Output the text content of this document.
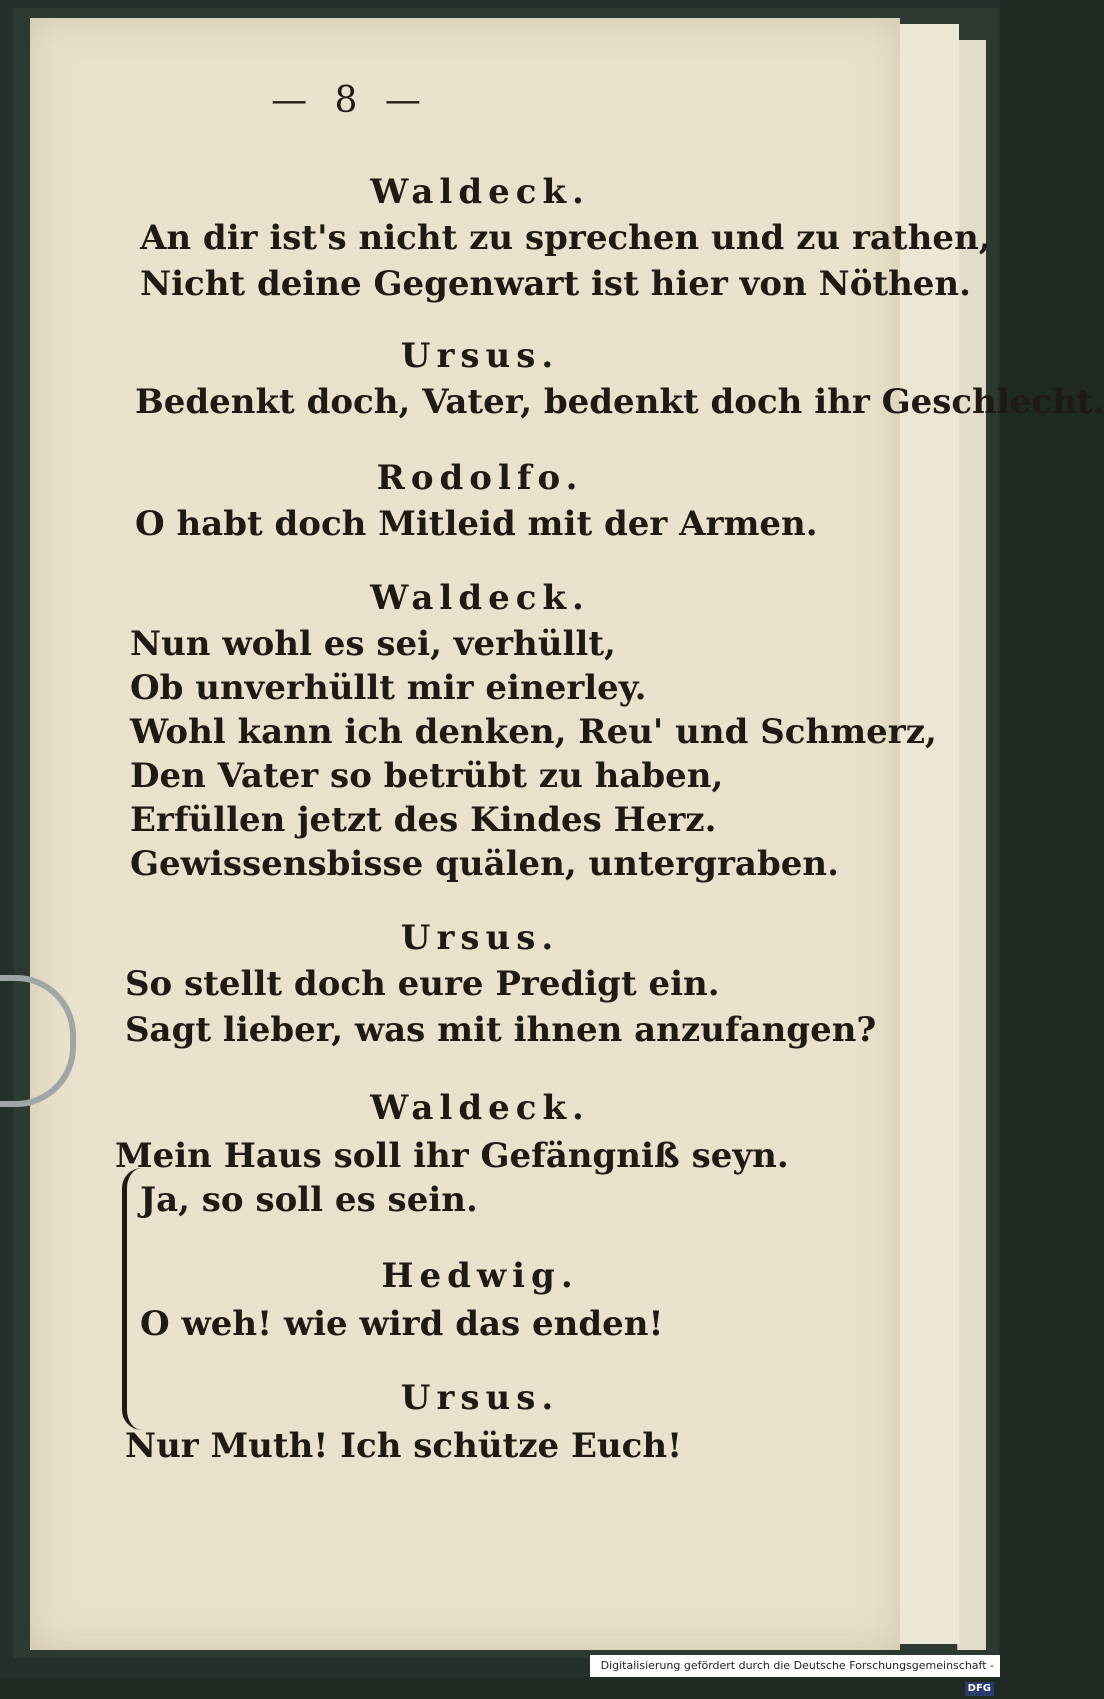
— 8 —
Waldeck.
An dir ist's nicht zu sprechen und zu rathen,
Nicht deine Gegenwart ist hier von Nöthen.
Ursus.
Bedenkt doch, Vater, bedenkt doch ihr Geschlecht.
Rodolfo.
O habt doch Mitleid mit der Armen.
Waldeck.
Nun wohl es sei, verhüllt,
Ob unverhüllt mir einerley.
Wohl kann ich denken, Reu' und Schmerz,
Den Vater so betrübt zu haben,
Erfüllen jetzt des Kindes Herz.
Gewissensbisse quälen, untergraben.
Ursus.
So stellt doch eure Predigt ein.
Sagt lieber, was mit ihnen anzufangen?
Waldeck.
Mein Haus soll ihr Gefängniß seyn.
Ja, so soll es sein.
Hedwig.
O weh! wie wird das enden!
Ursus.
Nur Muth! Ich schütze Euch!
Digitalisierung gefördert durch die Deutsche Forschungsgemeinschaft -DFG
